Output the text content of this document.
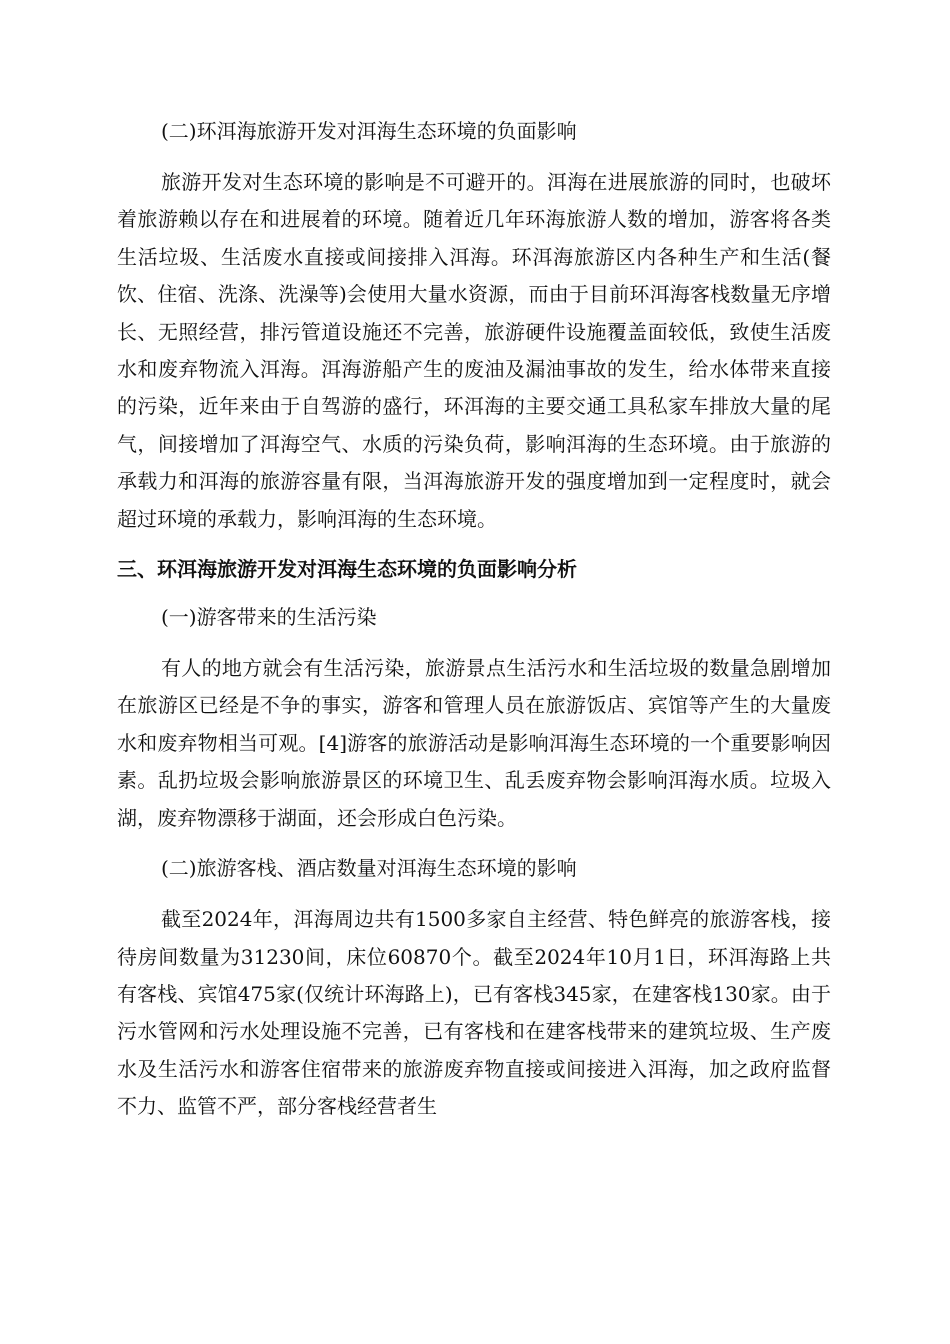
(二)环洱海旅游开发对洱海生态环境的负面影响

旅游开发对生态环境的影响是不可避开的。洱海在进展旅游的同时，也破坏着旅游赖以存在和进展着的环境。随着近几年环海旅游人数的增加，游客将各类生活垃圾、生活废水直接或间接排入洱海。环洱海旅游区内各种生产和生活(餐饮、住宿、洗涤、洗澡等)会使用大量水资源，而由于目前环洱海客栈数量无序增长、无照经营，排污管道设施还不完善，旅游硬件设施覆盖面较低，致使生活废水和废弃物流入洱海。洱海游船产生的废油及漏油事故的发生，给水体带来直接的污染，近年来由于自驾游的盛行，环洱海的主要交通工具私家车排放大量的尾气，间接增加了洱海空气、水质的污染负荷，影响洱海的生态环境。由于旅游的承载力和洱海的旅游容量有限，当洱海旅游开发的强度增加到一定程度时，就会超过环境的承载力，影响洱海的生态环境。

三、环洱海旅游开发对洱海生态环境的负面影响分析
(一)游客带来的生活污染

有人的地方就会有生活污染，旅游景点生活污水和生活垃圾的数量急剧增加在旅游区已经是不争的事实，游客和管理人员在旅游饭店、宾馆等产生的大量废水和废弃物相当可观。[4]游客的旅游活动是影响洱海生态环境的一个重要影响因素。乱扔垃圾会影响旅游景区的环境卫生、乱丢废弃物会影响洱海水质。垃圾入湖，废弃物漂移于湖面，还会形成白色污染。

(二)旅游客栈、酒店数量对洱海生态环境的影响

截至2024年，洱海周边共有1500多家自主经营、特色鲜亮的旅游客栈，接待房间数量为31230间，床位60870个。截至2024年10月1日，环洱海路上共有客栈、宾馆475家(仅统计环海路上)，已有客栈345家，在建客栈130家。由于污水管网和污水处理设施不完善，已有客栈和在建客栈带来的建筑垃圾、生产废水及生活污水和游客住宿带来的旅游废弃物直接或间接进入洱海，加之政府监督不力、监管不严，部分客栈经营者生
